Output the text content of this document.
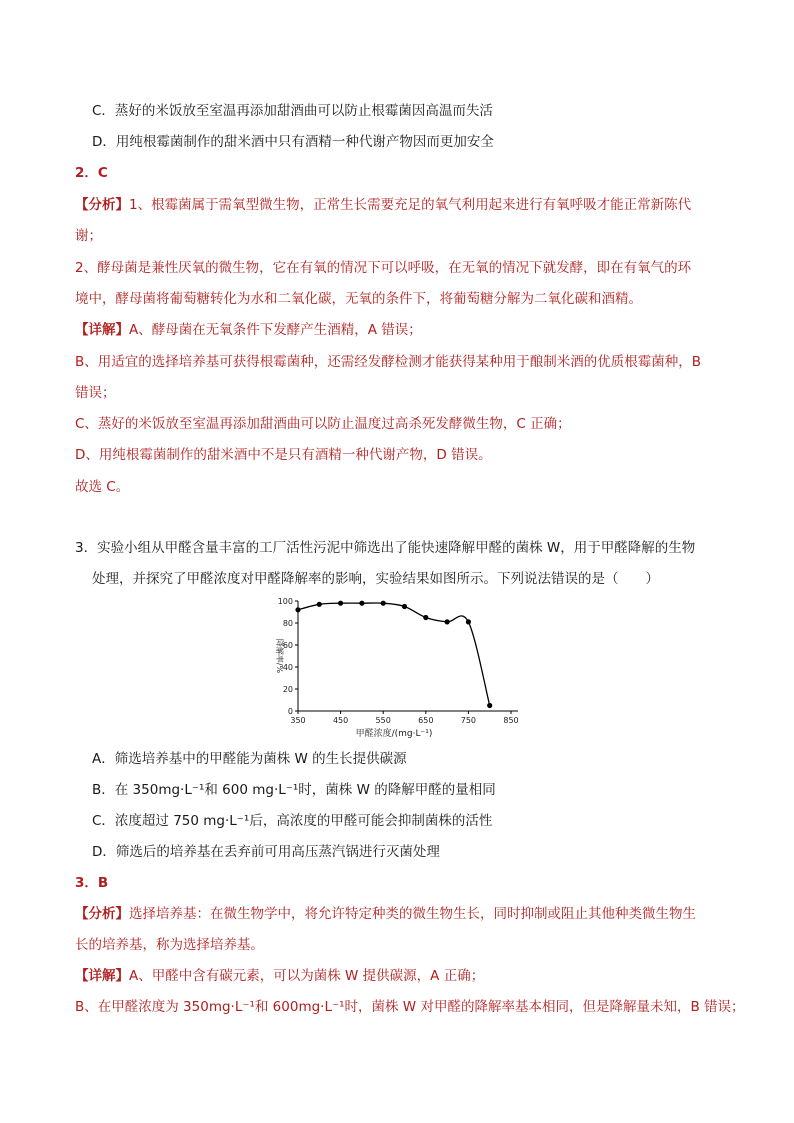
C．蒸好的米饭放至室温再添加甜酒曲可以防止根霉菌因高温而失活
D．用纯根霉菌制作的甜米酒中只有酒精一种代谢产物因而更加安全
2．C
【分析】1、根霉菌属于需氧型微生物，正常生长需要充足的氧气利用起来进行有氧呼吸才能正常新陈代
谢；
2、酵母菌是兼性厌氧的微生物，它在有氧的情况下可以呼吸，在无氧的情况下就发酵，即在有氧气的环
境中，酵母菌将葡萄糖转化为水和二氧化碳，无氧的条件下，将葡萄糖分解为二氧化碳和酒精。
【详解】A、酵母菌在无氧条件下发酵产生酒精，A 错误；
B、用适宜的选择培养基可获得根霉菌种，还需经发酵检测才能获得某种用于酿制米酒的优质根霉菌种，B
错误；
C、蒸好的米饭放至室温再添加甜酒曲可以防止温度过高杀死发酵微生物，C 正确；
D、用纯根霉菌制作的甜米酒中不是只有酒精一种代谢产物，D 错误。
故选 C。
3．实验小组从甲醛含量丰富的工厂活性污泥中筛选出了能快速降解甲醛的菌株 W，用于甲醛降解的生物
处理，并探究了甲醛浓度对甲醛降解率的影响，实验结果如图所示。下列说法错误的是（　　）
0
20
40
60
80
100
350	450	550	650	750	850
降解率/%
甲醛浓度/(mg·L⁻¹)
A．筛选培养基中的甲醛能为菌株 W 的生长提供碳源
B．在 350mg·L⁻¹和 600 mg·L⁻¹时，菌株 W 的降解甲醛的量相同
C．浓度超过 750 mg·L⁻¹后，高浓度的甲醛可能会抑制菌株的活性
D．筛选后的培养基在丢弃前可用高压蒸汽锅进行灭菌处理
3．B
【分析】选择培养基：在微生物学中，将允许特定种类的微生物生长，同时抑制或阻止其他种类微生物生
长的培养基，称为选择培养基。
【详解】A、甲醛中含有碳元素，可以为菌株 W 提供碳源，A 正确；
B、在甲醛浓度为 350mg·L⁻¹和 600mg·L⁻¹时，菌株 W 对甲醛的降解率基本相同，但是降解量未知，B 错误；
